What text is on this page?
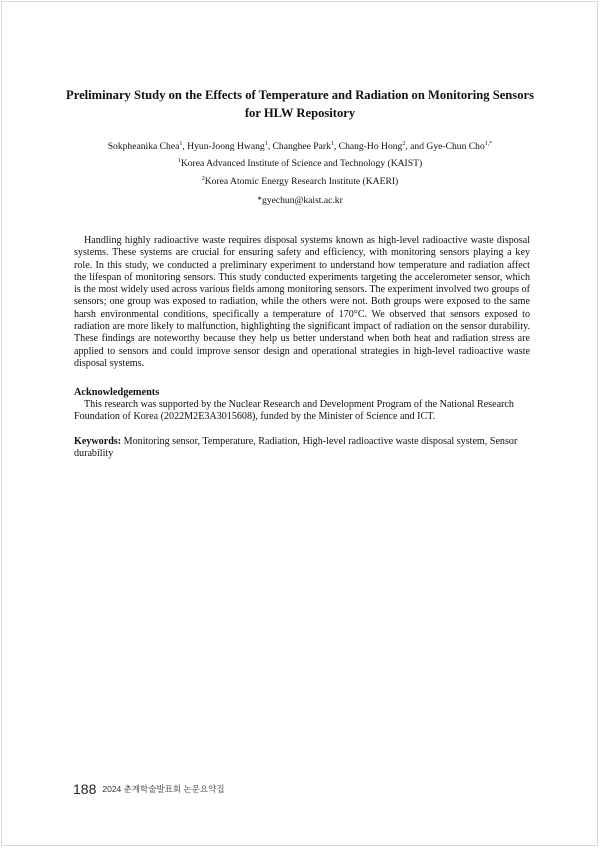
Preliminary Study on the Effects of Temperature and Radiation on Monitoring Sensors for HLW Repository
Sokpheanika Chea$^1$, Hyun-Joong Hwang$^1$, Changhee Park$^1$, Chang-Ho Hong$^2$, and Gye-Chun Cho$^{1,*}$
$^1$Korea Advanced Institute of Science and Technology (KAIST)
$^2$Korea Atomic Energy Research Institute (KAERI)
*gyechun@kaist.ac.kr

Handling highly radioactive waste requires disposal systems known as high-level radioactive waste disposal systems. These systems are crucial for ensuring safety and efficiency, with monitoring sensors playing a key role. In this study, we conducted a preliminary experiment to understand how temperature and radiation affect the lifespan of monitoring sensors. This study conducted experiments targeting the accelerometer sensor, which is the most widely used across various fields among monitoring sensors. The experiment involved two groups of sensors; one group was exposed to radiation, while the others were not. Both groups were exposed to the same harsh environmental conditions, specifically a temperature of 170°C. We observed that sensors exposed to radiation are more likely to malfunction, highlighting the significant impact of radiation on the sensor durability. These findings are noteworthy because they help us better understand when both heat and radiation stress are applied to sensors and could improve sensor design and operational strategies in high-level radioactive waste disposal systems.

Acknowledgements

This research was supported by the Nuclear Research and Development Program of the National Research Foundation of Korea (2022M2E3A3015608), funded by the Minister of Science and ICT.

Keywords: Monitoring sensor, Temperature, Radiation, High-level radioactive waste disposal system, Sensor durability

188 2024 춘계학술발표회 논문요약집
